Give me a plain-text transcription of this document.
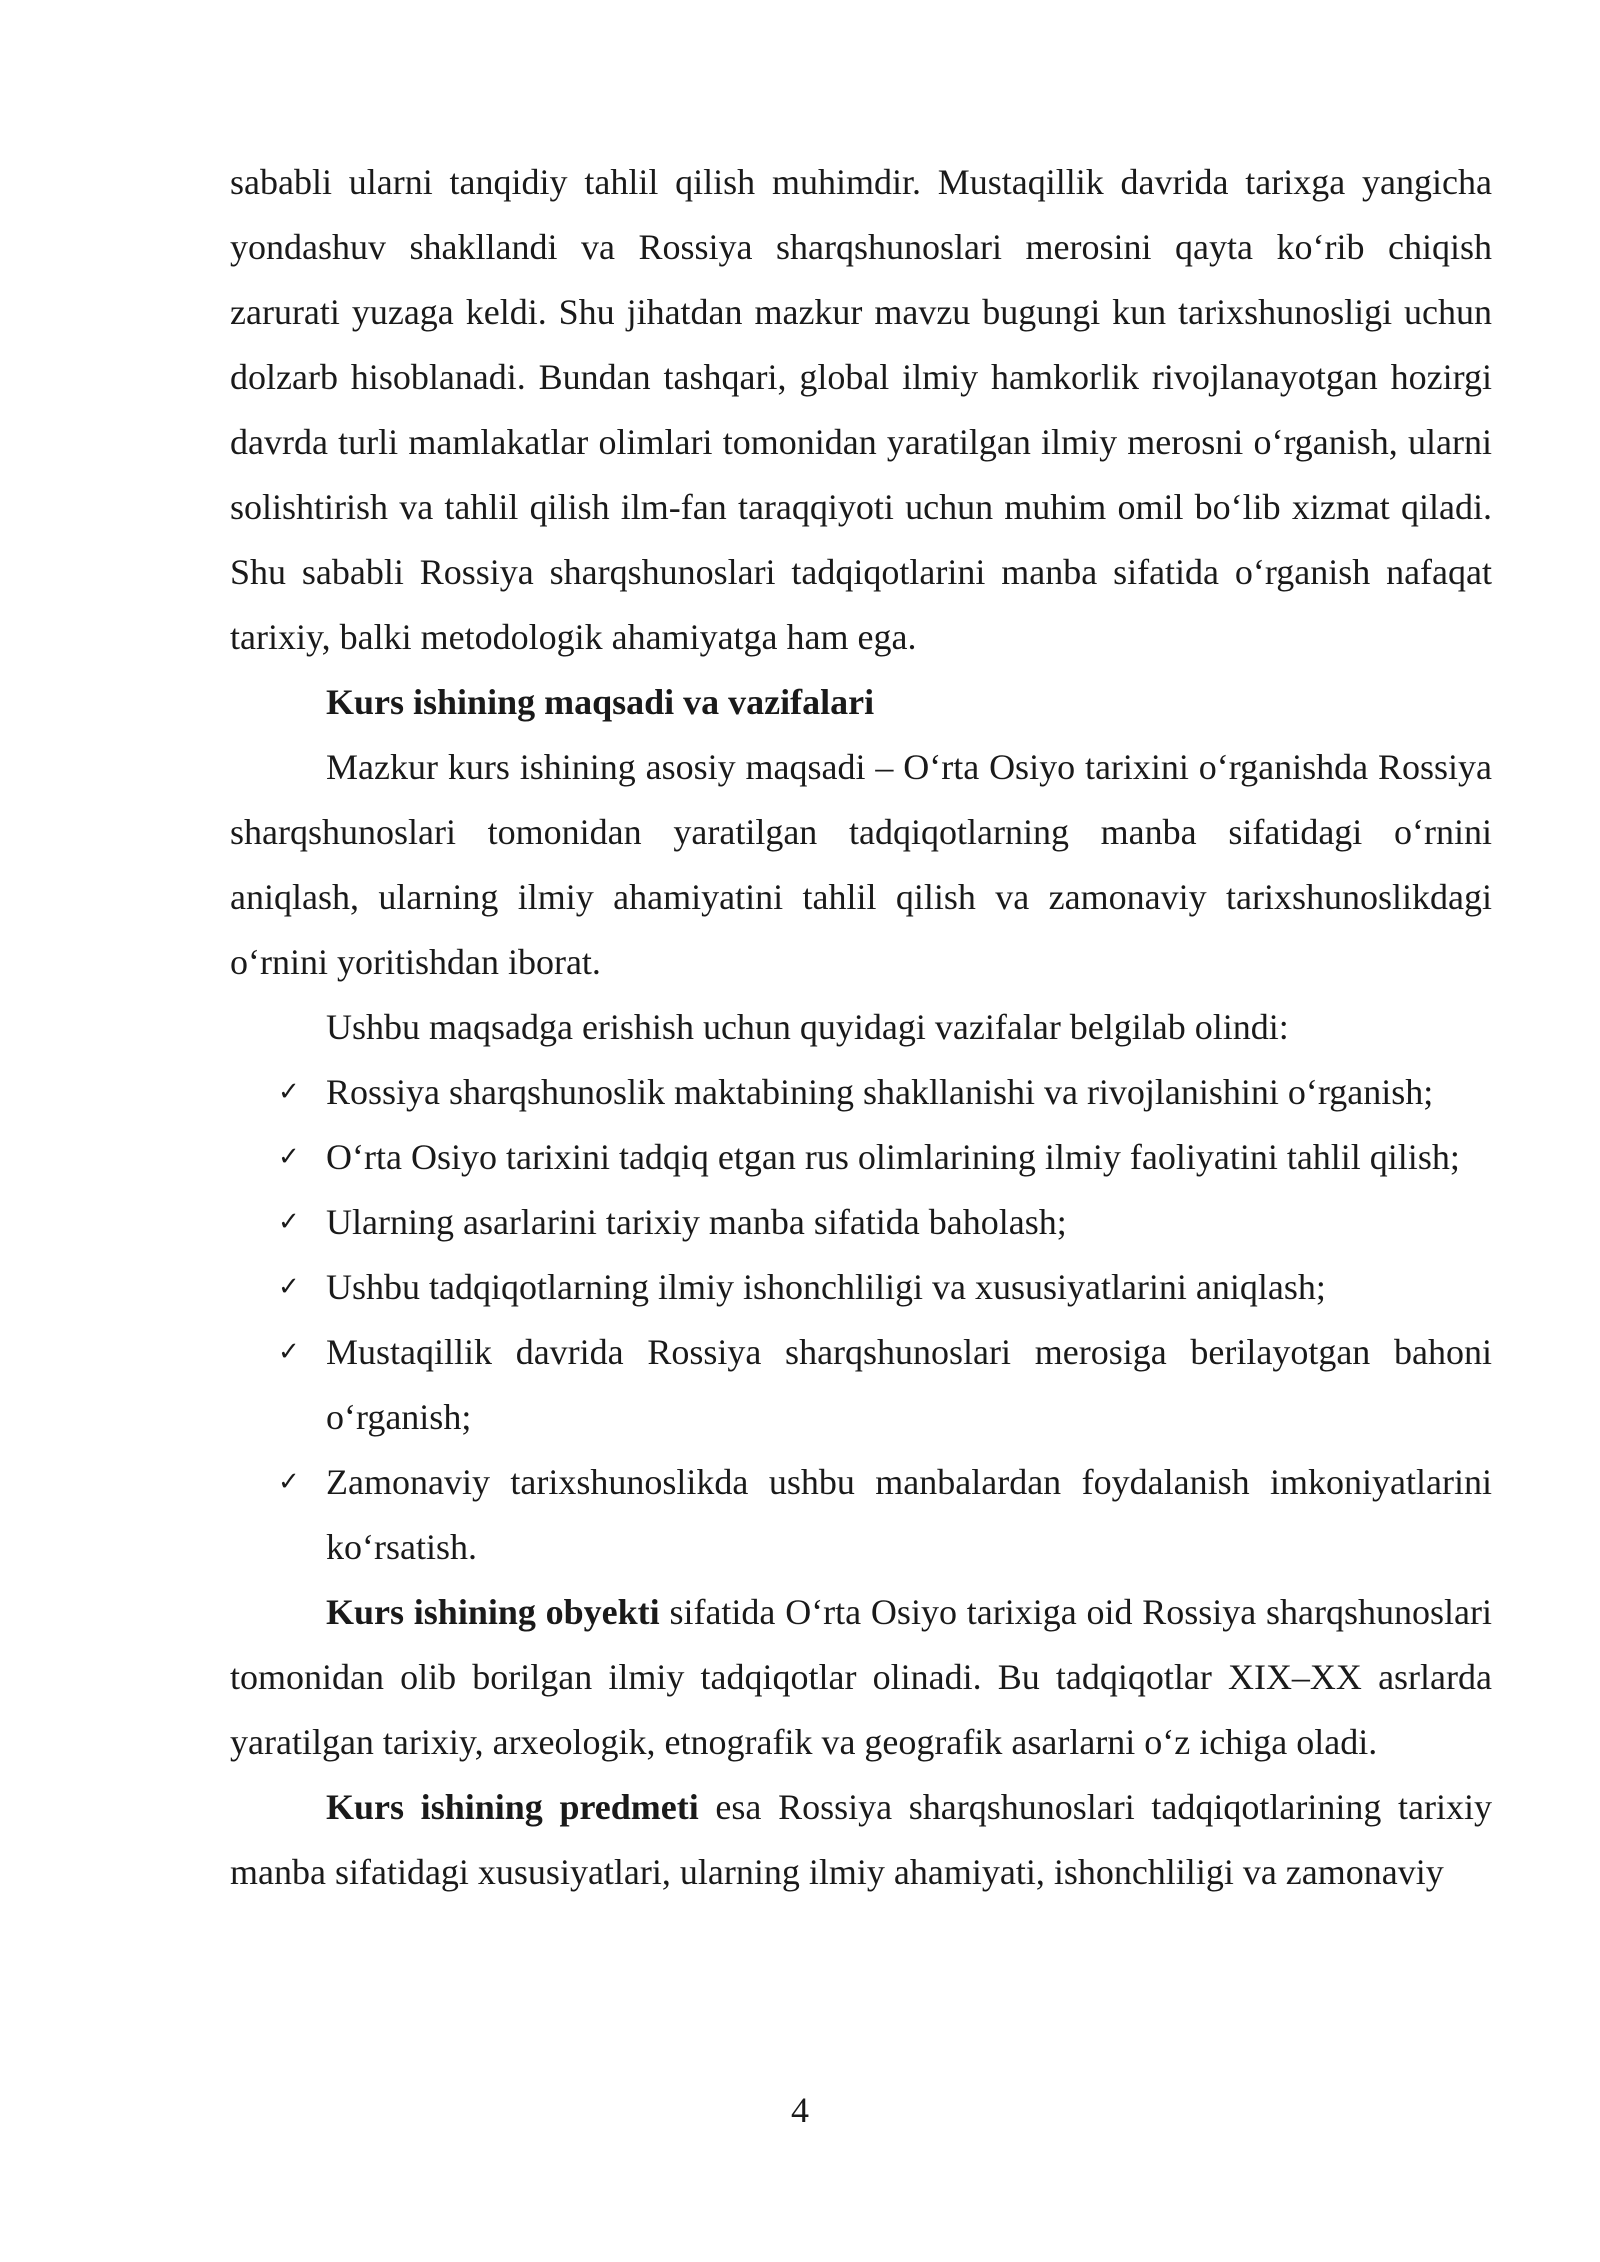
sababli ularni tanqidiy tahlil qilish muhimdir. Mustaqillik davrida tarixga yangicha yondashuv shakllandi va Rossiya sharqshunoslari merosini qayta ko‘rib chiqish zarurati yuzaga keldi. Shu jihatdan mazkur mavzu bugungi kun tarixshunosligi uchun dolzarb hisoblanadi. Bundan tashqari, global ilmiy hamkorlik rivojlanayotgan hozirgi davrda turli mamlakatlar olimlari tomonidan yaratilgan ilmiy merosni o‘rganish, ularni solishtirish va tahlil qilish ilm-fan taraqqiyoti uchun muhim omil bo‘lib xizmat qiladi. Shu sababli Rossiya sharqshunoslari tadqiqotlarini manba sifatida o‘rganish nafaqat tarixiy, balki metodologik ahamiyatga ham ega.

Kurs ishining maqsadi va vazifalari

Mazkur kurs ishining asosiy maqsadi – O‘rta Osiyo tarixini o‘rganishda Rossiya sharqshunoslari tomonidan yaratilgan tadqiqotlarning manba sifatidagi o‘rnini aniqlash, ularning ilmiy ahamiyatini tahlil qilish va zamonaviy tarixshunoslikdagi o‘rnini yoritishdan iborat.

Ushbu maqsadga erishish uchun quyidagi vazifalar belgilab olindi:

✓ Rossiya sharqshunoslik maktabining shakllanishi va rivojlanishini o‘rganish;
✓ O‘rta Osiyo tarixini tadqiq etgan rus olimlarining ilmiy faoliyatini tahlil qilish;
✓ Ularning asarlarini tarixiy manba sifatida baholash;
✓ Ushbu tadqiqotlarning ilmiy ishonchliligi va xususiyatlarini aniqlash;
✓ Mustaqillik davrida Rossiya sharqshunoslari merosiga berilayotgan bahoni o‘rganish;
✓ Zamonaviy tarixshunoslikda ushbu manbalardan foydalanish imkoniyatlarini ko‘rsatish.

Kurs ishining obyekti sifatida O‘rta Osiyo tarixiga oid Rossiya sharqshunoslari tomonidan olib borilgan ilmiy tadqiqotlar olinadi. Bu tadqiqotlar XIX–XX asrlarda yaratilgan tarixiy, arxeologik, etnografik va geografik asarlarni o‘z ichiga oladi.

Kurs ishining predmeti esa Rossiya sharqshunoslari tadqiqotlarining tarixiy manba sifatidagi xususiyatlari, ularning ilmiy ahamiyati, ishonchliligi va zamonaviy

4
